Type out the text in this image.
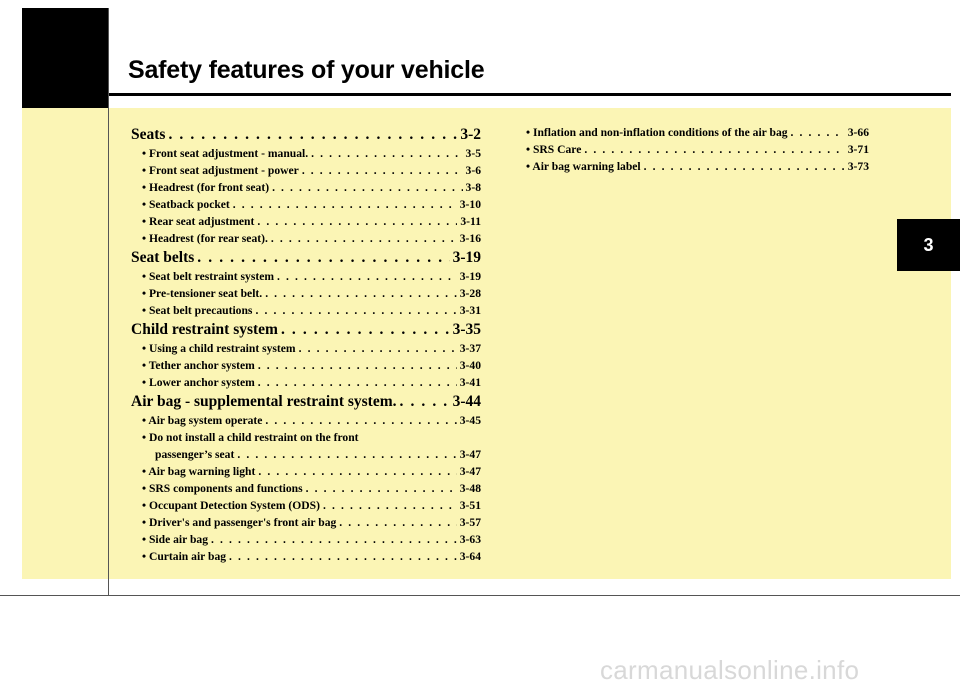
Safety features of your vehicle
3
Seats . . .	3-2
• Front seat adjustment - manual. . . .	3-5
• Front seat adjustment - power . . .	3-6
• Headrest (for front seat) . . .	3-8
• Seatback pocket . . .	3-10
• Rear seat adjustment . . .	3-11
• Headrest (for rear seat). . . .	3-16
Seat belts . . .	3-19
• Seat belt restraint system . . .	3-19
• Pre-tensioner seat belt. . . .	3-28
• Seat belt precautions . . .	3-31
Child restraint system . . .	3-35
• Using a child restraint system . . .	3-37
• Tether anchor system . . .	3-40
• Lower anchor system . . .	3-41
Air bag - supplemental restraint system. . . .	3-44
• Air bag system operate . . .	3-45
• Do not install a child restraint on the front
passenger’s seat . . .	3-47
• Air bag warning light . . .	3-47
• SRS components and functions . . .	3-48
• Occupant Detection System (ODS) . . .	3-51
• Driver's and passenger's front air bag . . .	3-57
• Side air bag . . .	3-63
• Curtain air bag . . .	3-64
• Inflation and non-inflation conditions of the air bag . . .	3-66
• SRS Care . . .	3-71
• Air bag warning label . . .	3-73
carmanualsonline.info
